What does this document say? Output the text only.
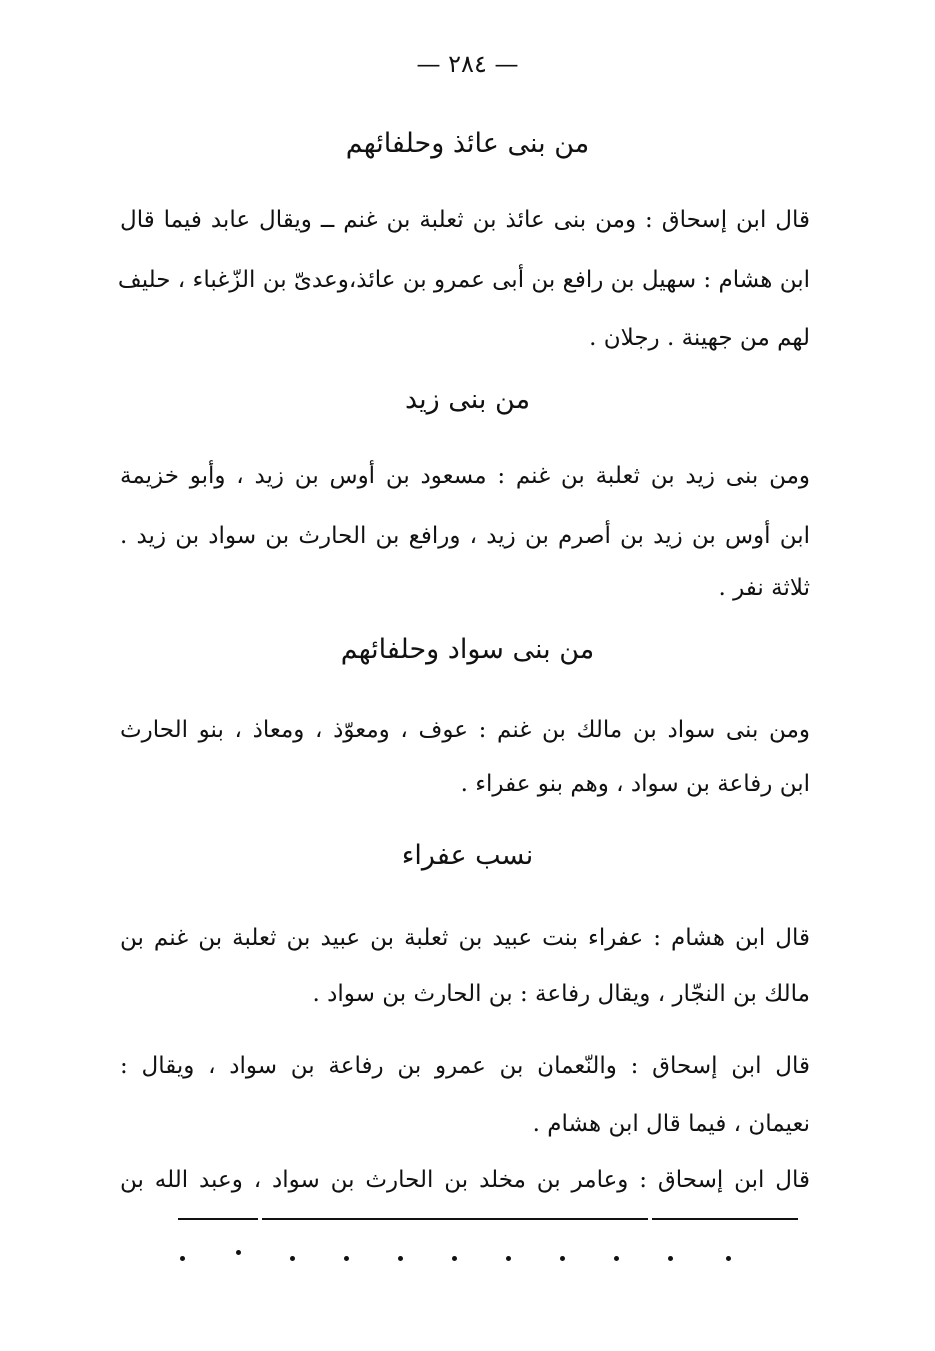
— ٢٨٤ —
من بنى عائذ وحلفائهم
قال ابن إسحاق : ومن بنى عائذ بن ثعلبة بن غنم ــ ويقال عابد فيما قال
ابن هشام : سهيل بن رافع بن أبى عمرو بن عائذ،وعدىّ بن الزّغباء ، حليف
لهم من جهينة . رجلان .
من بنى زيد
ومن بنى زيد بن ثعلبة بن غنم : مسعود بن أوس بن زيد ، وأبو خزيمة
ابن أوس بن زيد بن أصرم بن زيد ، ورافع بن الحارث بن سواد بن زيد .
ثلاثة نفر .
من بنى سواد وحلفائهم
ومن بنى سواد بن مالك بن غنم : عوف ، ومعوّذ ، ومعاذ ، بنو الحارث
ابن رفاعة بن سواد ، وهم بنو عفراء .
نسب عفراء
قال ابن هشام : عفراء بنت عبيد بن ثعلبة بن عبيد بن ثعلبة بن غنم بن
مالك بن النجّار ، ويقال رفاعة : بن الحارث بن سواد .
قال ابن إسحاق : والنّعمان بن عمرو بن رفاعة بن سواد ، ويقال :
نعيمان ، فيما قال ابن هشام .
قال ابن إسحاق : وعامر بن مخلد بن الحارث بن سواد ، وعبد الله بن
